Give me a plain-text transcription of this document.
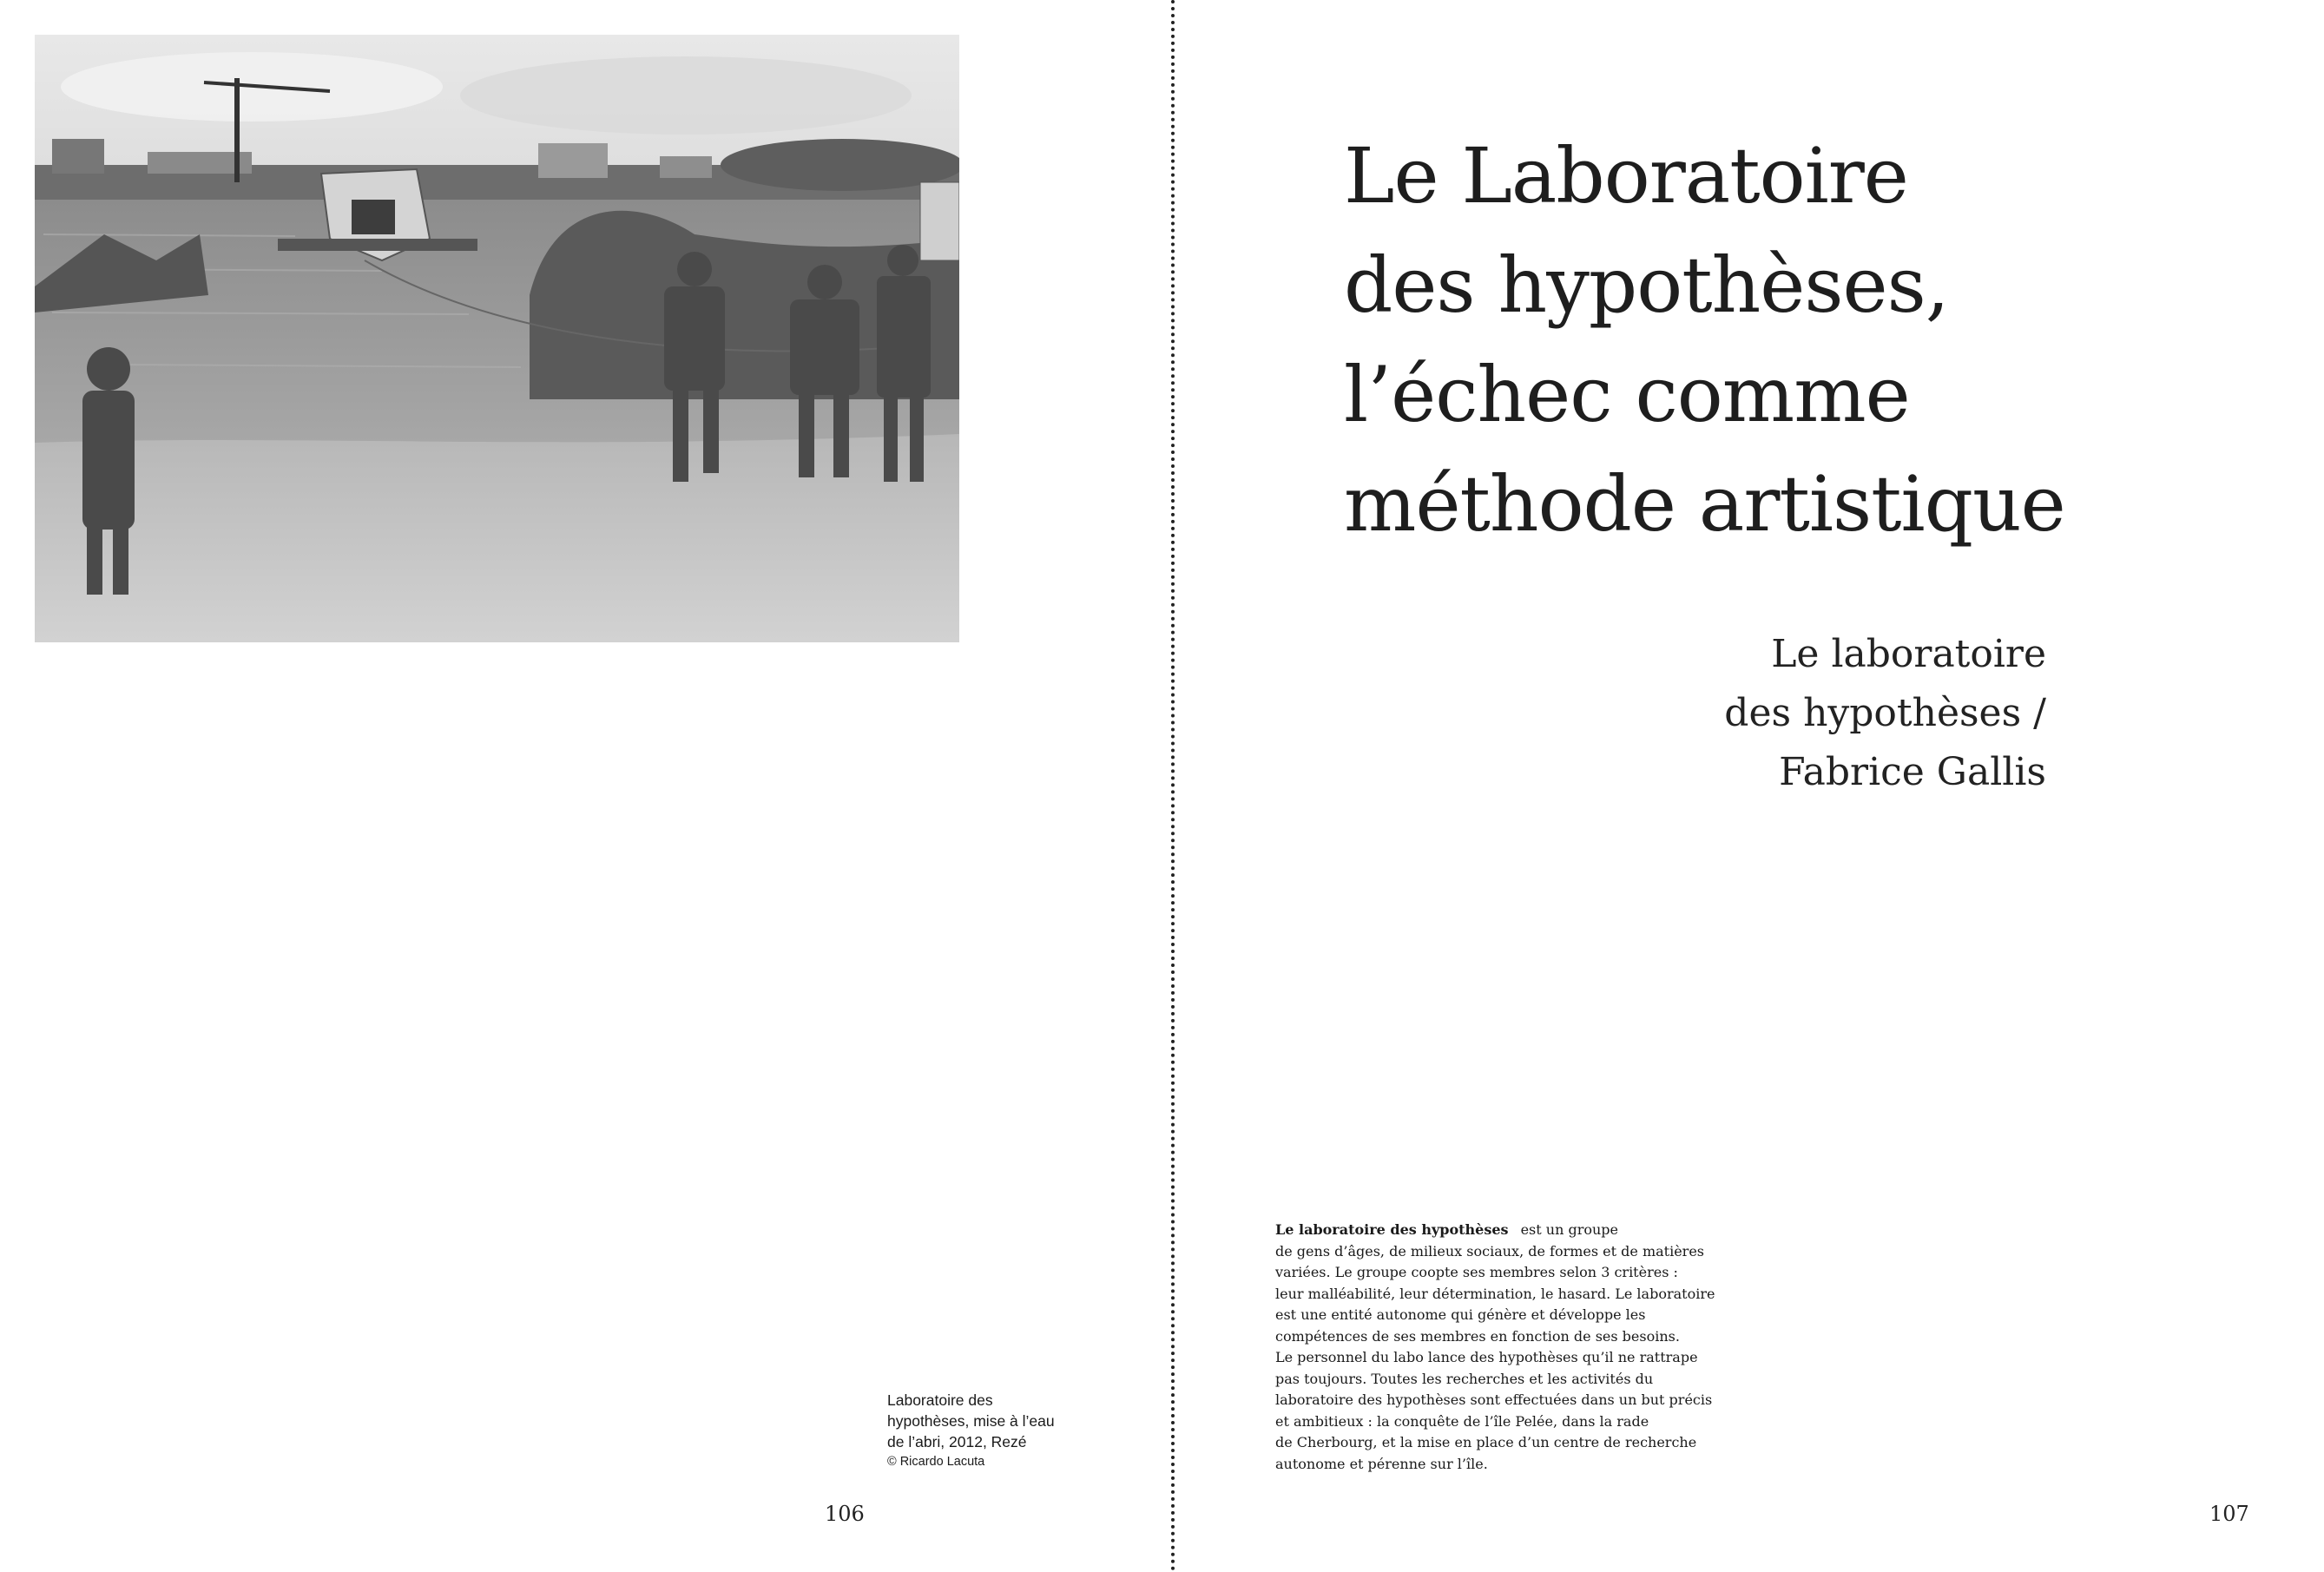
Laboratoire des
hypothèses, mise à l’eau
de l’abri, 2012, Rezé
© Ricardo Lacuta
106
Le Laboratoire
des hypothèses,
l’échec comme
méthode artistique
Le laboratoire
des hypothèses /
Fabrice Gallis
Le laboratoire des hypothèses est un groupe
de gens d’âges, de milieux sociaux, de formes et de matières
variées. Le groupe coopte ses membres selon 3 critères :
leur malléabilité, leur détermination, le hasard. Le laboratoire
est une entité autonome qui génère et développe les
compétences de ses membres en fonction de ses besoins.
Le personnel du labo lance des hypothèses qu’il ne rattrape
pas toujours. Toutes les recherches et les activités du
laboratoire des hypothèses sont effectuées dans un but précis
et ambitieux : la conquête de l’île Pelée, dans la rade
de Cherbourg, et la mise en place d’un centre de recherche
autonome et pérenne sur l’île.
107
